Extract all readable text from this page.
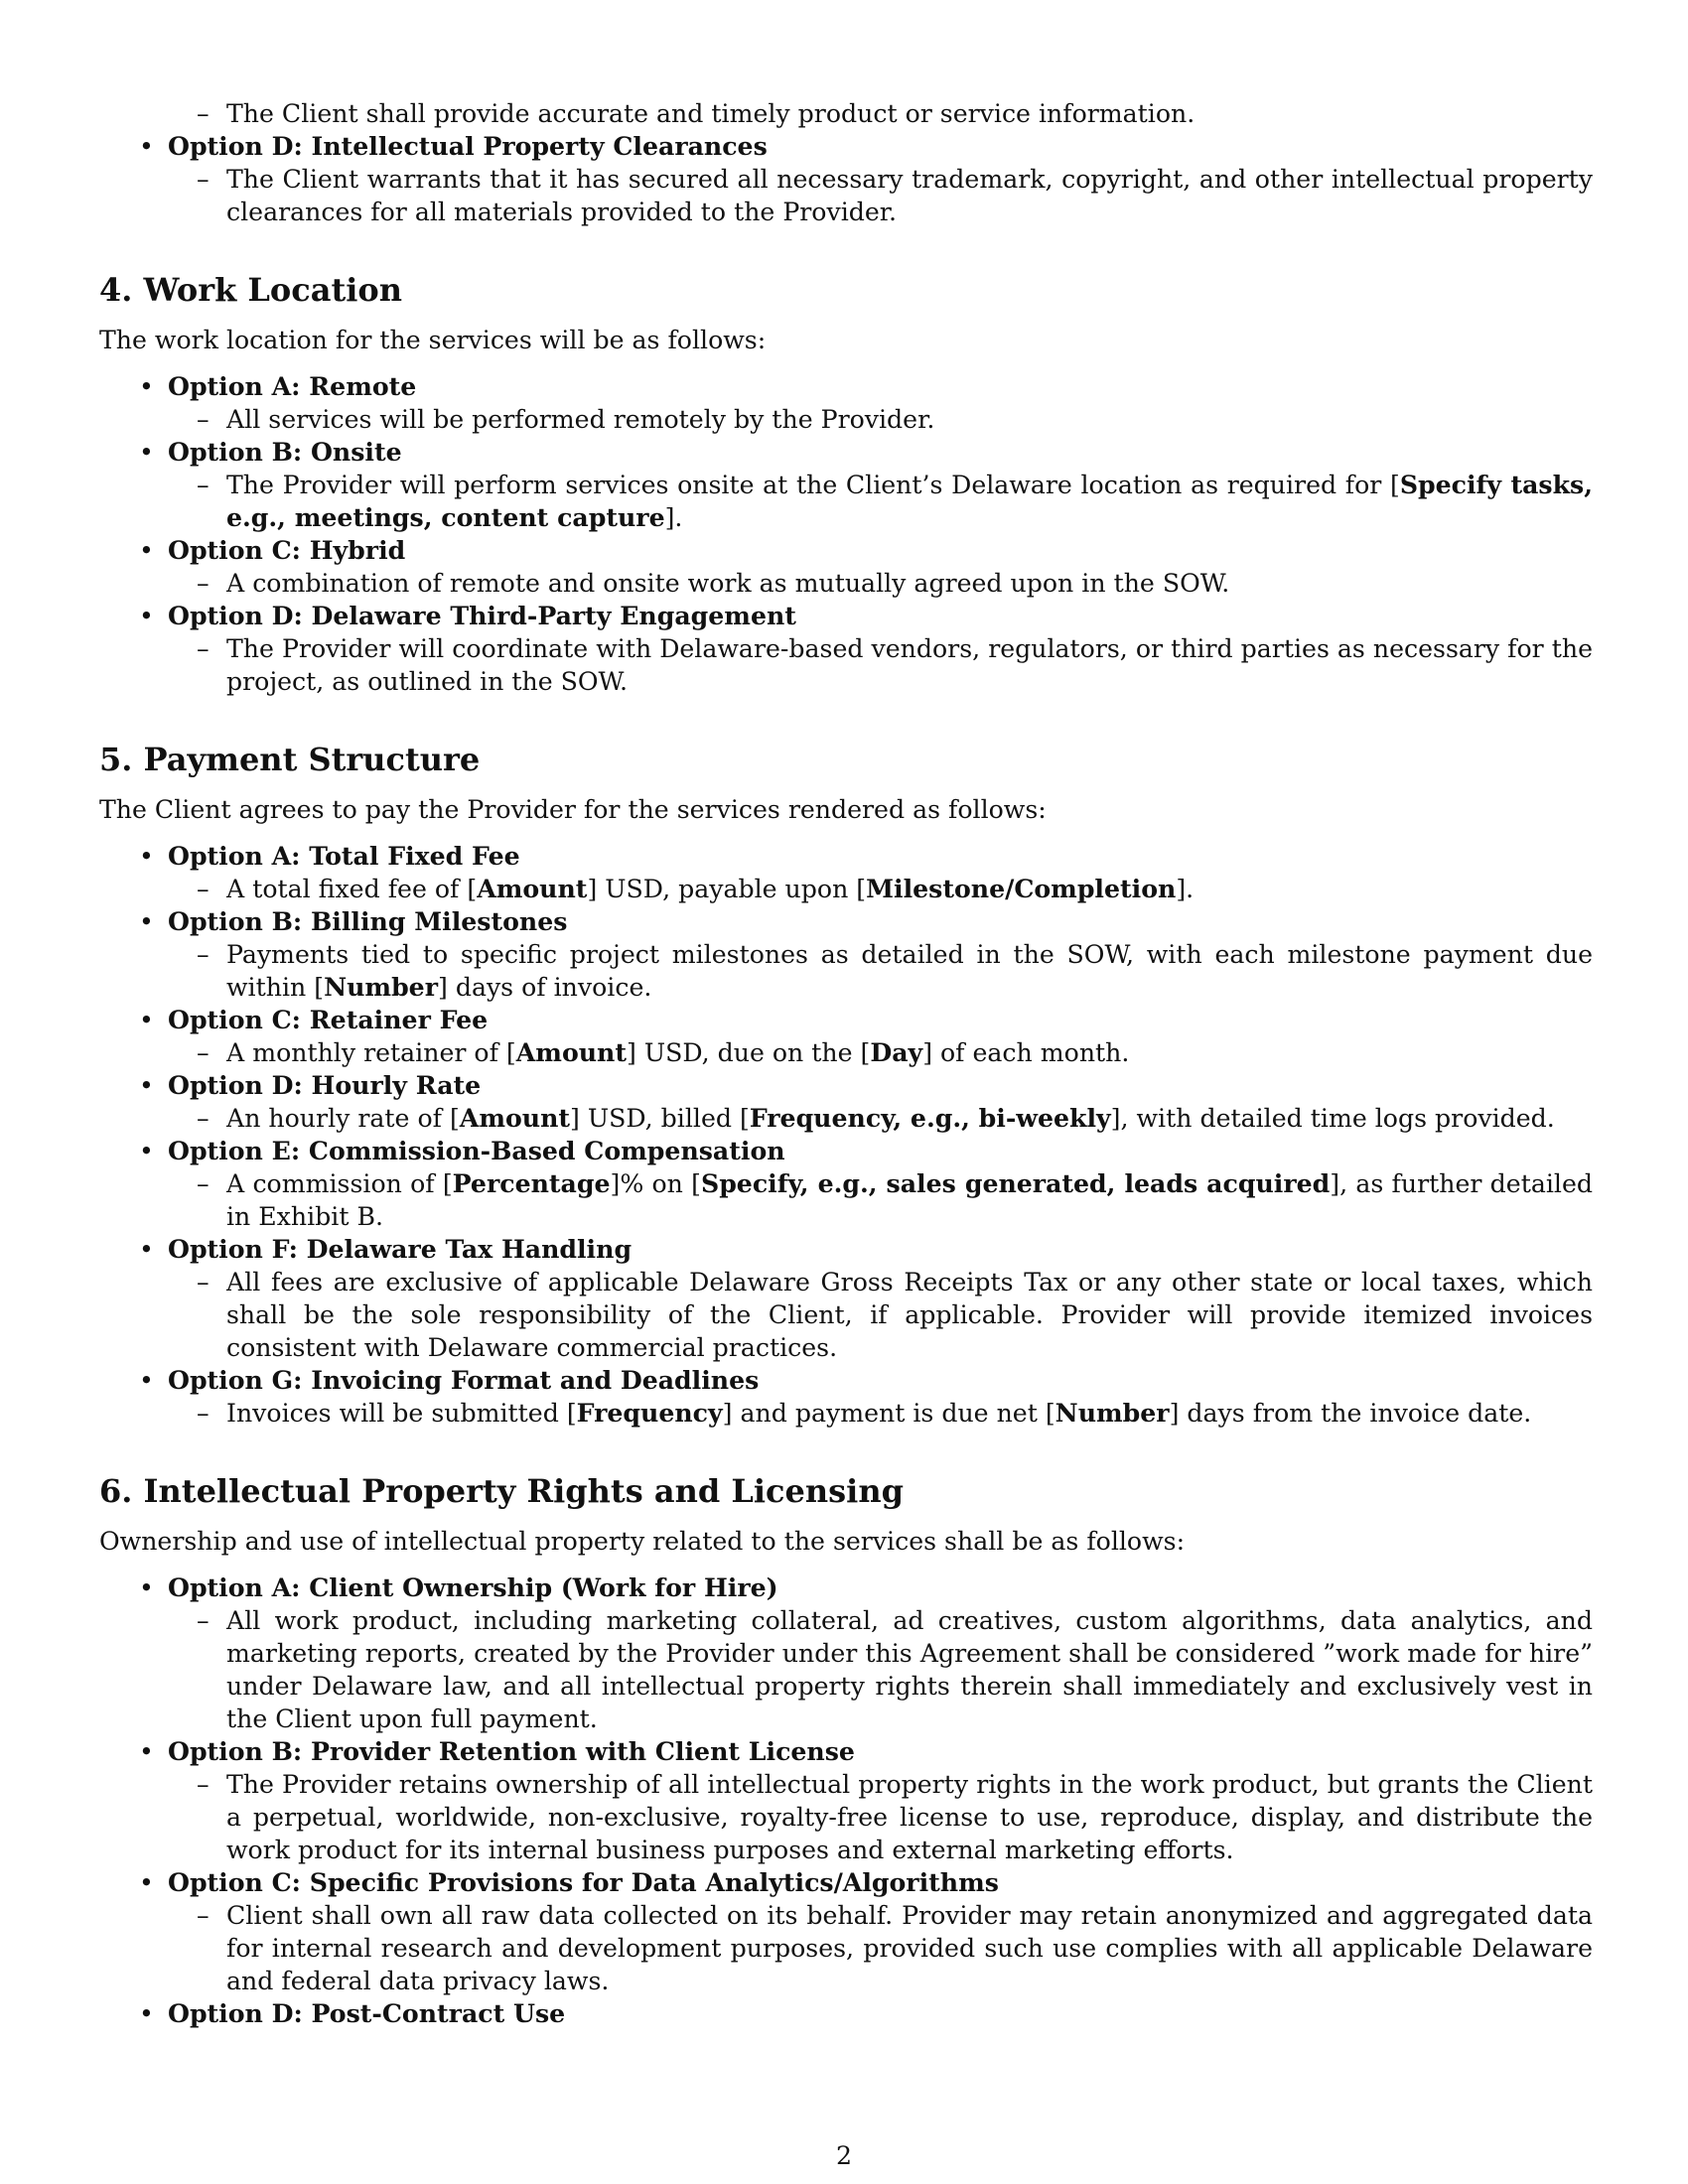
– The Client shall provide accurate and timely product or service information.
• Option D: Intellectual Property Clearances
– The Client warrants that it has secured all necessary trademark, copyright, and other intellectual property clearances for all materials provided to the Provider.
4. Work Location
The work location for the services will be as follows:
• Option A: Remote
– All services will be performed remotely by the Provider.
• Option B: Onsite
– The Provider will perform services onsite at the Client’s Delaware location as required for [Specify tasks, e.g., meetings, content capture].
• Option C: Hybrid
– A combination of remote and onsite work as mutually agreed upon in the SOW.
• Option D: Delaware Third-Party Engagement
– The Provider will coordinate with Delaware-based vendors, regulators, or third parties as necessary for the project, as outlined in the SOW.
5. Payment Structure
The Client agrees to pay the Provider for the services rendered as follows:
• Option A: Total Fixed Fee
– A total fixed fee of [Amount] USD, payable upon [Milestone/Completion].
• Option B: Billing Milestones
– Payments tied to specific project milestones as detailed in the SOW, with each milestone payment due within [Number] days of invoice.
• Option C: Retainer Fee
– A monthly retainer of [Amount] USD, due on the [Day] of each month.
• Option D: Hourly Rate
– An hourly rate of [Amount] USD, billed [Frequency, e.g., bi-weekly], with detailed time logs provided.
• Option E: Commission-Based Compensation
– A commission of [Percentage]% on [Specify, e.g., sales generated, leads acquired], as further detailed in Exhibit B.
• Option F: Delaware Tax Handling
– All fees are exclusive of applicable Delaware Gross Receipts Tax or any other state or local taxes, which shall be the sole responsibility of the Client, if applicable. Provider will provide itemized invoices consistent with Delaware commercial practices.
• Option G: Invoicing Format and Deadlines
– Invoices will be submitted [Frequency] and payment is due net [Number] days from the invoice date.
6. Intellectual Property Rights and Licensing
Ownership and use of intellectual property related to the services shall be as follows:
• Option A: Client Ownership (Work for Hire)
– All work product, including marketing collateral, ad creatives, custom algorithms, data analytics, and marketing reports, created by the Provider under this Agreement shall be considered ”work made for hire” under Delaware law, and all intellectual property rights therein shall immediately and exclusively vest in the Client upon full payment.
• Option B: Provider Retention with Client License
– The Provider retains ownership of all intellectual property rights in the work product, but grants the Client a perpetual, worldwide, non-exclusive, royalty-free license to use, reproduce, display, and distribute the work product for its internal business purposes and external marketing efforts.
• Option C: Specific Provisions for Data Analytics/Algorithms
– Client shall own all raw data collected on its behalf. Provider may retain anonymized and aggregated data for internal research and development purposes, provided such use complies with all applicable Delaware and federal data privacy laws.
• Option D: Post-Contract Use
2
